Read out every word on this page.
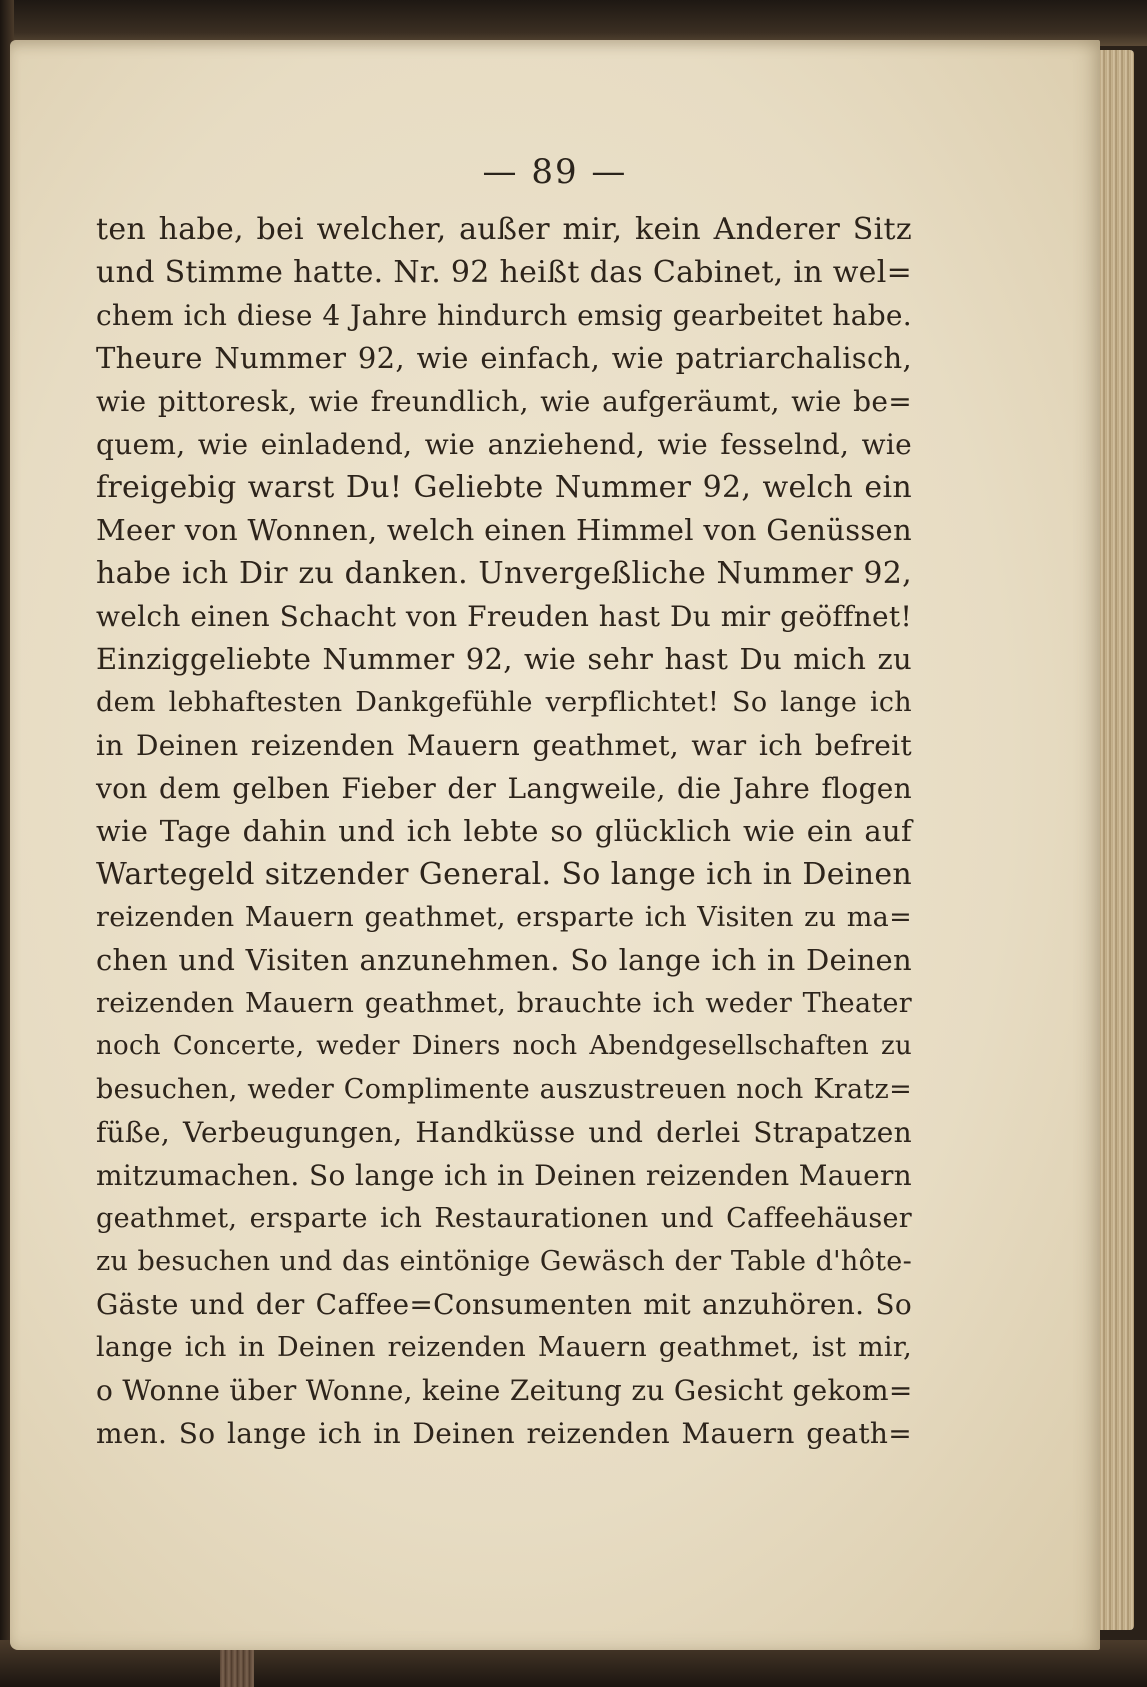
— 89 —
ten habe, bei welcher, außer mir, kein Anderer Sitz
und Stimme hatte. Nr. 92 heißt das Cabinet, in wel=
chem ich diese 4 Jahre hindurch emsig gearbeitet habe.
Theure Nummer 92, wie einfach, wie patriarchalisch,
wie pittoresk, wie freundlich, wie aufgeräumt, wie be=
quem, wie einladend, wie anziehend, wie fesselnd, wie
freigebig warst Du! Geliebte Nummer 92, welch ein
Meer von Wonnen, welch einen Himmel von Genüssen
habe ich Dir zu danken. Unvergeßliche Nummer 92,
welch einen Schacht von Freuden hast Du mir geöffnet!
Einziggeliebte Nummer 92, wie sehr hast Du mich zu
dem lebhaftesten Dankgefühle verpflichtet! So lange ich
in Deinen reizenden Mauern geathmet, war ich befreit
von dem gelben Fieber der Langweile, die Jahre flogen
wie Tage dahin und ich lebte so glücklich wie ein auf
Wartegeld sitzender General. So lange ich in Deinen
reizenden Mauern geathmet, ersparte ich Visiten zu ma=
chen und Visiten anzunehmen. So lange ich in Deinen
reizenden Mauern geathmet, brauchte ich weder Theater
noch Concerte, weder Diners noch Abendgesellschaften zu
besuchen, weder Complimente auszustreuen noch Kratz=
füße, Verbeugungen, Handküsse und derlei Strapatzen
mitzumachen. So lange ich in Deinen reizenden Mauern
geathmet, ersparte ich Restaurationen und Caffeehäuser
zu besuchen und das eintönige Gewäsch der Table d'hôte-
Gäste und der Caffee=Consumenten mit anzuhören. So
lange ich in Deinen reizenden Mauern geathmet, ist mir,
o Wonne über Wonne, keine Zeitung zu Gesicht gekom=
men. So lange ich in Deinen reizenden Mauern geath=
